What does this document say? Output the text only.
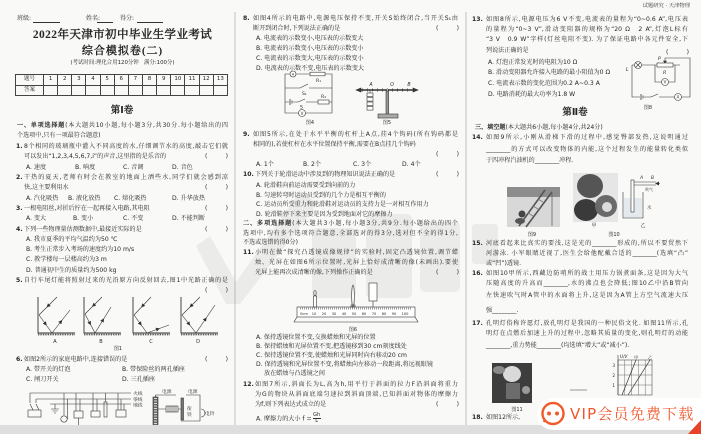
A	B	C	D
图1
火线
零线
地线
电源	电源
衔
铁	电铃
A
R₁
S₁
R₂
S
V
图4
A	O	B
图5
0cm 10 20 30 40 50 60 70 80 90 100
图6
L
P
R
V
A
图8
图9
A B
吹气
水
甲	乙
图10
图11
U/V
1
2
3
甲 乙
试题研究 · 天津物理
班级:	姓名:	得分:
2022年天津市初中毕业生学业考试
综合模拟卷(二)
(考试时间:理化合用120分钟　满分:100分)
题号	1	2	3	4	5	6	7	8	9	10	11	12	13
答案													
第Ⅰ卷
一、单项选择题(本大题共10小题,每小题3分,共30分.每小题给出的四
个选项中,只有一项最符合题意)
1. 8个相同的玻璃瓶中灌入不同高度的水,仔细调节水的高度,敲击它们就
可以发出“1,2,3,4,5,6,7,i”的声音,这里指的是乐音的	(　　　)
A. 速度	B. 响度	C. 音调	D. 音色
2. 干热的夏天,老师有时会在教室的地面上洒些水,同学们就会感到凉
快,这主要利用水	(　　　)
A. 汽化吸热 B. 液化放热 C. 熔化吸热	D. 升华放热
3. 一根电阻丝,对折后拧在一起再接入电路,其电阻	(　　　)
A. 变大	B. 变小	C. 不变	D. 不能判断
4. 下列一些物理量估测数据中,最接近实际的是	(　　　)
A. 我市夏季的平均气温约为50 ℃
B. 考生正常步入考场的速度约为10 m/s
C. 教学楼每一层楼高约为3 m
D. 普通初中生的质量约为500 kg
5. 自行车尾灯能将照射过来的光沿原方向反射回去,图1中光路正确的是
(　　　)
6. 如图2所示的家庭电路中,连接错误的是	(　　　)
A. 带开关的灯泡	B. 带保险丝的两孔插座
C. 闸刀开关	D. 三孔插座
8. 如图4所示的电路中,电源电压保持不变,开关S始终闭合,当开关S₁由
断开到闭合时,下列说法正确的是	(　　　)
A. 电流表的示数变小,电压表的示数变大
B. 电流表的示数变小,电压表的示数变小
C. 电流表的示数变大,电压表的示数变小
D. 电流表的示数不变,电压表的示数变大
9. 如图5所示,在处于水平平衡的杠杆上A点,挂4个钩码(所有钩码都是
相同的),若使杠杆在水平位置保持平衡,需要在B点挂几个钩码
(　　　)
A. 1个	B. 2个	C. 3个	D. 4个
10. 下列关于轮滑运动中涉及到的物理知识说法正确的是	(　　　)
A. 轮滑鞋向前运动需要受到向前的力
B. 匀速转弯时运动员受到的几个力是相互平衡的
C. 运动员所受重力和轮滑鞋对运动员的支持力是一对相互作用力
D. 轮滑鞋停下来主要是因为受到地面对它的摩擦力
二、多项选择题(本大题共3小题,每小题3分,共9分.每小题给出的四个
选项中,均有多个选项符合题意,全部选对的得3分,选对但不全的得1分,
不选或选错的得0分)
11. 小明在做“探究凸透镜成像规律”的实验时,固定凸透镜位置,调节蜡
烛、光屏在如图6所示位置时,光屏上恰好成清晰的像(未画出).要使
光屏上能再次成清晰的像,下列操作正确的是	(　　　)
A. 保持透镜位置不变,交换蜡烛和光屏的位置
B. 保持蜡烛和光屏位置不变,把透镜移到30 cm刻度线处
C. 保持透镜位置不变,使蜡烛和光屏同时向右移动20 cm
D. 保持透镜和光屏位置不变,将蜡烛向左移动一段距离,将远视眼镜
放在蜡烛与凸透镜之间
12. 如图7所示,斜面长为L,高为h,用平行于斜面的拉力F沿斜面将重力
为G的物块从斜面底端匀速拉到斜面顶端,已知斜面对物体的摩擦力
为f,则下列表达式成立的是	(　　　)
A. 摩擦力的大小 $f = \frac{Gh}{L}$
13. 如图8所示,电源电压为6 V不变,电流表的量程为“0~0.6 A”,电压表
的量程为“0~3 V”,滑动变阻器的规格为“20 Ω　2 A”,灯泡L标有
“3 V　0.9 W”字样(灯丝电阻不变). 为了保证电路中各元件安全,下
列说法正确的是	(　　　)
A. 灯泡正常发光时的电阻为10 Ω
B. 滑动变阻器允许接入电路的最小阻值为0 Ω
C. 电流表示数的变化范围为0.2 A~0.3 A
D. 电路消耗的最大功率为1.8 W
第Ⅱ卷
三、填空题(本大题共6小题,每小题4分,共24分)
14. 如图9所示,小刚从滑梯下滑的过程中,感觉臀部发热,这说明通过
________的方式可以改变物体的内能,这个过程发生的能量转化类似
于四冲程汽油机的________冲程.
15. 河底看起来比真实的要浅,这是光的________形成的,所以不要贸然下
河游泳. 小军眼睛近视了,医生会给他配戴合适的________(选填“凸”
或“凹”)透镜.
16. 如图10甲所示,西藏边防哨所的战士用压力锅煮面条,这是因为大气
压随高度的升高而________,水的沸点也会降低;图10乙中沿B管向
左快速吹气时A管中的水面将上升,这是因为A管上方空气流速大压
强________.
17. 孔明灯俗称许愿灯,放孔明灯是我国的一种民俗文化. 如图11所示,孔
明灯在点燃后加速上升的过程中,忽略其质量的变化,则孔明灯的动能
________,重力势能________(均选填“增大”或“减小”).
18. 如图12所示,	VIP会员免费下载
